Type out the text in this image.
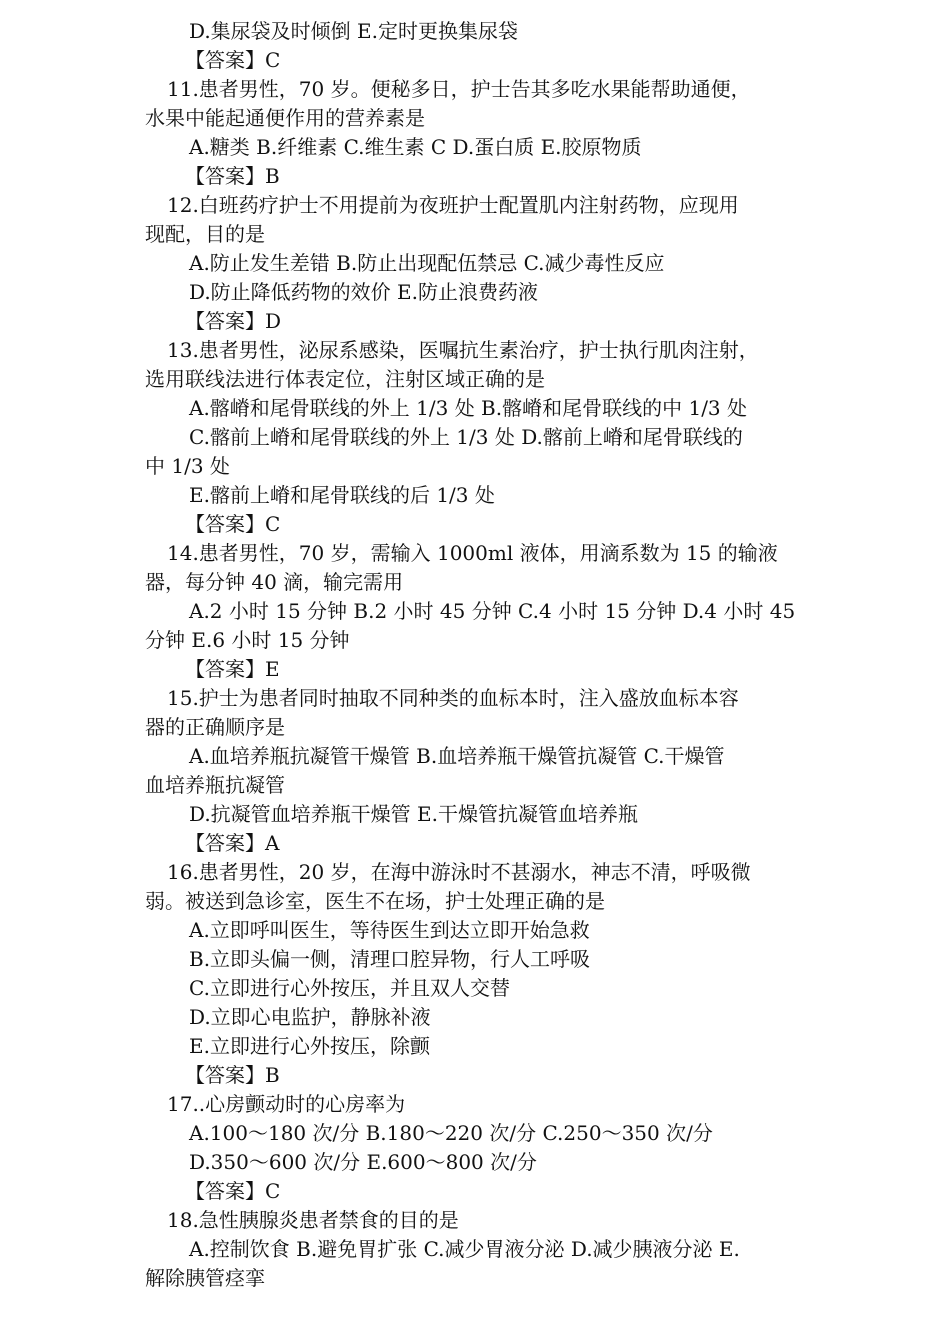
D.集尿袋及时倾倒 E.定时更换集尿袋
【答案】C
11.患者男性，70 岁。便秘多日，护士告其多吃水果能帮助通便，
水果中能起通便作用的营养素是
A.糖类 B.纤维素 C.维生素 C D.蛋白质 E.胶原物质
【答案】B
12.白班药疗护士不用提前为夜班护士配置肌内注射药物，应现用
现配，目的是
A.防止发生差错 B.防止出现配伍禁忌 C.减少毒性反应
D.防止降低药物的效价 E.防止浪费药液
【答案】D
13.患者男性，泌尿系感染，医嘱抗生素治疗，护士执行肌肉注射，
选用联线法进行体表定位，注射区域正确的是
A.髂嵴和尾骨联线的外上 1/3 处 B.髂嵴和尾骨联线的中 1/3 处
C.髂前上嵴和尾骨联线的外上 1/3 处 D.髂前上嵴和尾骨联线的
中 1/3 处
E.髂前上嵴和尾骨联线的后 1/3 处
【答案】C
14.患者男性，70 岁，需输入 1000ml 液体，用滴系数为 15 的输液
器，每分钟 40 滴，输完需用
A.2 小时 15 分钟 B.2 小时 45 分钟 C.4 小时 15 分钟 D.4 小时 45
分钟 E.6 小时 15 分钟
【答案】E
15.护士为患者同时抽取不同种类的血标本时，注入盛放血标本容
器的正确顺序是
A.血培养瓶抗凝管干燥管 B.血培养瓶干燥管抗凝管 C.干燥管
血培养瓶抗凝管
D.抗凝管血培养瓶干燥管 E.干燥管抗凝管血培养瓶
【答案】A
16.患者男性，20 岁，在海中游泳时不甚溺水，神志不清，呼吸微
弱。被送到急诊室，医生不在场，护士处理正确的是
A.立即呼叫医生，等待医生到达立即开始急救
B.立即头偏一侧，清理口腔异物，行人工呼吸
C.立即进行心外按压，并且双人交替
D.立即心电监护，静脉补液
E.立即进行心外按压，除颤
【答案】B
17..心房颤动时的心房率为
A.100～180 次/分 B.180～220 次/分 C.250～350 次/分
D.350～600 次/分 E.600～800 次/分
【答案】C
18.急性胰腺炎患者禁食的目的是
A.控制饮食 B.避免胃扩张 C.减少胃液分泌 D.减少胰液分泌 E.
解除胰管痉挛
